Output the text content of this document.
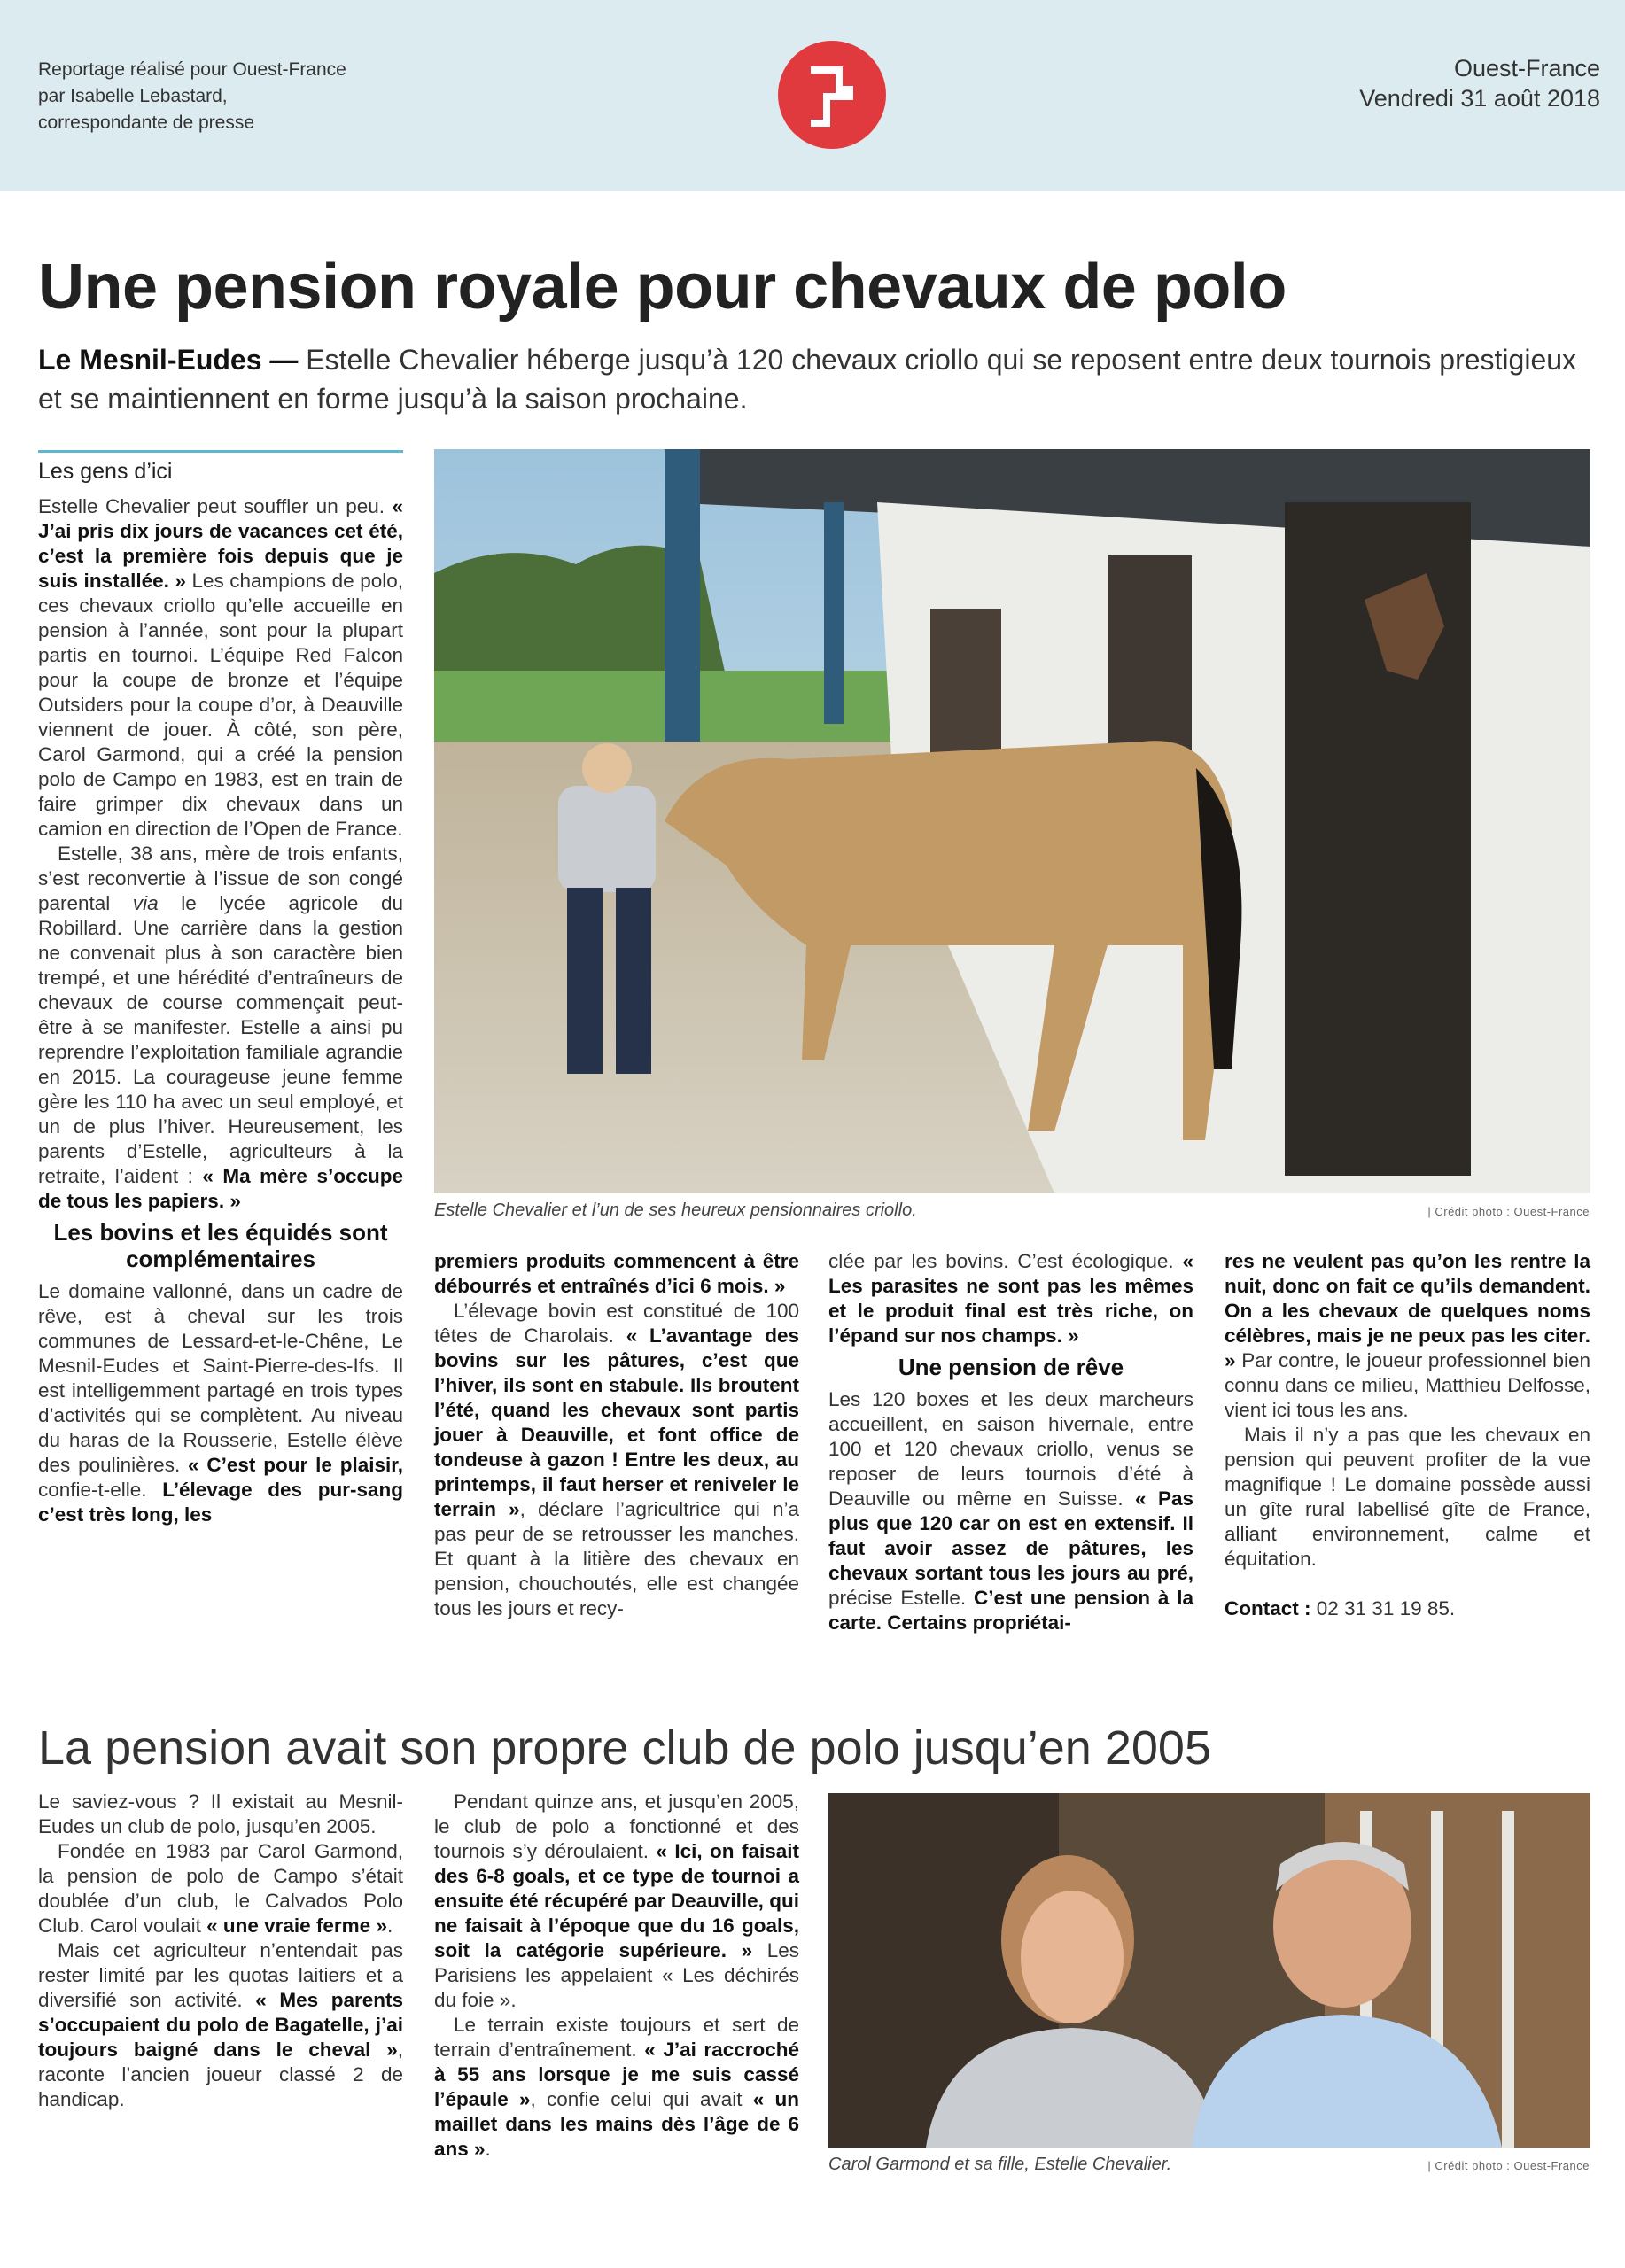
Reportage réalisé pour Ouest-France
par Isabelle Lebastard,
correspondante de presse
Ouest-France
Vendredi 31 août 2018
Une pension royale pour chevaux de polo
Le Mesnil-Eudes — Estelle Chevalier héberge jusqu’à 120 chevaux criollo qui se reposent entre deux tournois prestigieux et se maintiennent en forme jusqu’à la saison prochaine.
Les gens d’ici

Estelle Chevalier peut souffler un peu. « J’ai pris dix jours de vacances cet été, c’est la première fois depuis que je suis installée. » Les champions de polo, ces chevaux criollo qu’elle accueille en pension à l’année, sont pour la plupart partis en tournoi. L’équipe Red Falcon pour la coupe de bronze et l’équipe Outsiders pour la coupe d’or, à Deauville viennent de jouer. À côté, son père, Carol Garmond, qui a créé la pension polo de Campo en 1983, est en train de faire grimper dix chevaux dans un camion en direction de l’Open de France.

Estelle, 38 ans, mère de trois enfants, s’est reconvertie à l’issue de son congé parental via le lycée agricole du Robillard. Une carrière dans la gestion ne convenait plus à son caractère bien trempé, et une hérédité d’entraîneurs de chevaux de course commençait peut-être à se manifester. Estelle a ainsi pu reprendre l’exploitation familiale agrandie en 2015. La courageuse jeune femme gère les 110 ha avec un seul employé, et un de plus l’hiver. Heureusement, les parents d’Estelle, agriculteurs à la retraite, l’aident : « Ma mère s’occupe de tous les papiers. »

Les bovins et les équidés sont complémentaires

Le domaine vallonné, dans un cadre de rêve, est à cheval sur les trois communes de Lessard-et-le-Chêne, Le Mesnil-Eudes et Saint-Pierre-des-Ifs. Il est intelligemment partagé en trois types d’activités qui se complètent. Au niveau du haras de la Rousserie, Estelle élève des poulinières. « C’est pour le plaisir, confie-t-elle. L’élevage des pur-sang c’est très long, les

Estelle Chevalier et l’un de ses heureux pensionnaires criollo.	| Crédit photo : Ouest-France

premiers produits commencent à être débourrés et entraînés d’ici 6 mois. »

L’élevage bovin est constitué de 100 têtes de Charolais. « L’avantage des bovins sur les pâtures, c’est que l’hiver, ils sont en stabule. Ils broutent l’été, quand les chevaux sont partis jouer à Deauville, et font office de tondeuse à gazon ! Entre les deux, au printemps, il faut herser et reniveler le terrain », déclare l’agricultrice qui n’a pas peur de se retrousser les manches. Et quant à la litière des chevaux en pension, chouchoutés, elle est changée tous les jours et recy-

clée par les bovins. C’est écologique. « Les parasites ne sont pas les mêmes et le produit final est très riche, on l’épand sur nos champs. »

Une pension de rêve

Les 120 boxes et les deux marcheurs accueillent, en saison hivernale, entre 100 et 120 chevaux criollo, venus se reposer de leurs tournois d’été à Deauville ou même en Suisse. « Pas plus que 120 car on est en extensif. Il faut avoir assez de pâtures, les chevaux sortant tous les jours au pré, précise Estelle. C’est une pension à la carte. Certains propriétai-

res ne veulent pas qu’on les rentre la nuit, donc on fait ce qu’ils demandent. On a les chevaux de quelques noms célèbres, mais je ne peux pas les citer. » Par contre, le joueur professionnel bien connu dans ce milieu, Matthieu Delfosse, vient ici tous les ans.

Mais il n’y a pas que les chevaux en pension qui peuvent profiter de la vue magnifique ! Le domaine possède aussi un gîte rural labellisé gîte de France, alliant environnement, calme et équitation.

Contact : 02 31 31 19 85.

La pension avait son propre club de polo jusqu’en 2005

Le saviez-vous ? Il existait au Mesnil-Eudes un club de polo, jusqu’en 2005.

Fondée en 1983 par Carol Garmond, la pension de polo de Campo s’était doublée d’un club, le Calvados Polo Club. Carol voulait « une vraie ferme ».

Mais cet agriculteur n’entendait pas rester limité par les quotas laitiers et a diversifié son activité. « Mes parents s’occupaient du polo de Bagatelle, j’ai toujours baigné dans le cheval », raconte l’ancien joueur classé 2 de handicap.

Pendant quinze ans, et jusqu’en 2005, le club de polo a fonctionné et des tournois s’y déroulaient. « Ici, on faisait des 6-8 goals, et ce type de tournoi a ensuite été récupéré par Deauville, qui ne faisait à l’époque que du 16 goals, soit la catégorie supérieure. » Les Parisiens les appelaient « Les déchirés du foie ».

Le terrain existe toujours et sert de terrain d’entraînement. « J’ai raccroché à 55 ans lorsque je me suis cassé l’épaule », confie celui qui avait « un maillet dans les mains dès l’âge de 6 ans ».

Carol Garmond et sa fille, Estelle Chevalier.	| Crédit photo : Ouest-France
